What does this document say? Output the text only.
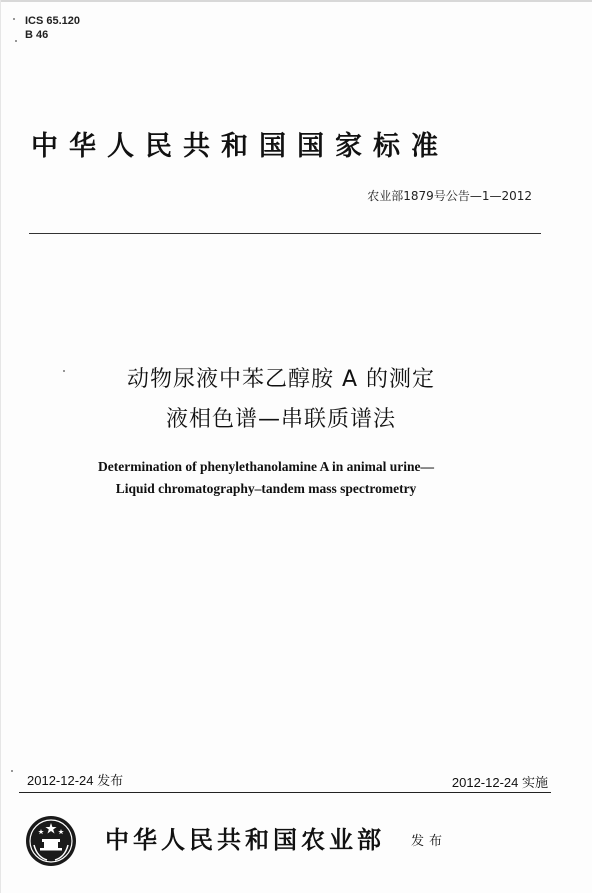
ICS 65.120
B 46
中华人民共和国国家标准
农业部1879号公告—1—2012
动物尿液中苯乙醇胺 A 的测定
液相色谱—串联质谱法
Determination of phenylethanolamine A in animal urine—
Liquid chromatography–tandem mass spectrometry
2012-12-24 发布	2012-12-24 实施
中华人民共和国农业部 发布
